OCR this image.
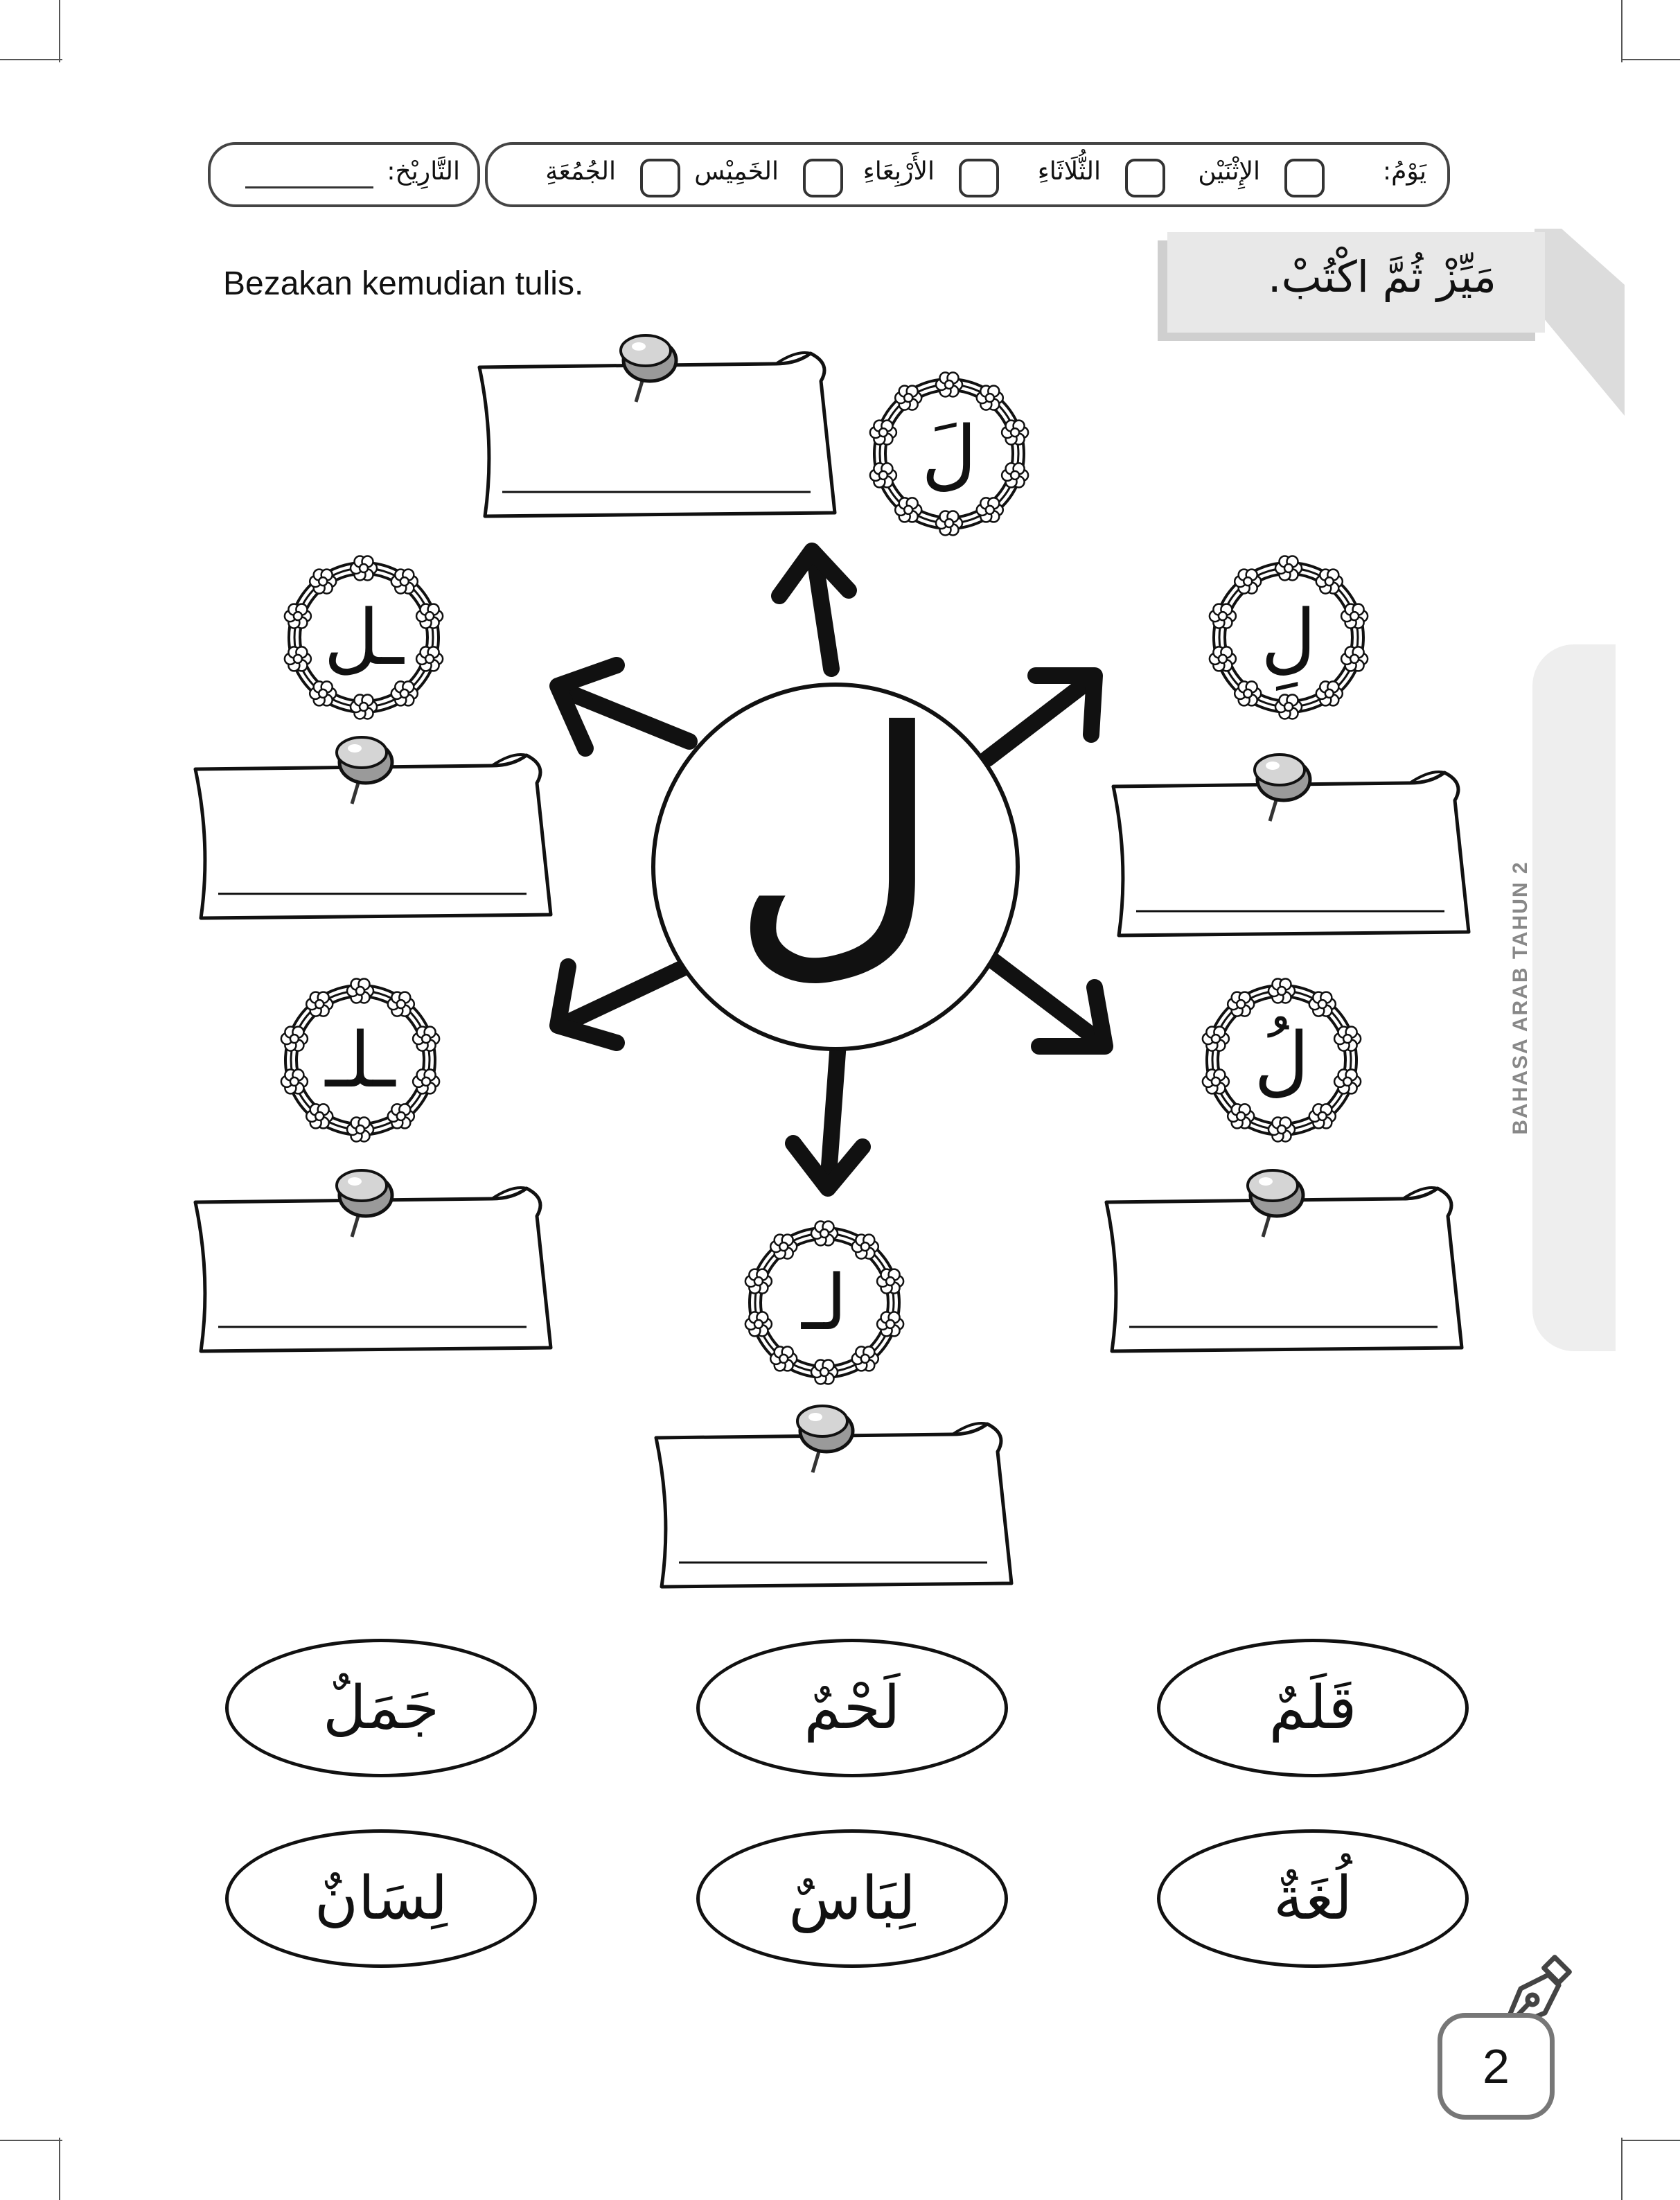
التَّارِيْخ:	يَوْمُ:
الإِثْنَيْن
الثُّلَاثَاءِ
الأَرْبِعَاءِ
الخَمِيْس
الجُمُعَةِ
مَيِّزْ ثُمَّ اكْتُبْ.
Bezakan kemudian tulis.
BAHASA ARAB TAHUN 2
ل
لَ
ـل	لِ
ـلـ	لُ
لـ
قَلَمٌ
لَحْمٌ
جَمَلٌ
لُغَةٌ
لِبَاسٌ
لِسَانٌ
2
